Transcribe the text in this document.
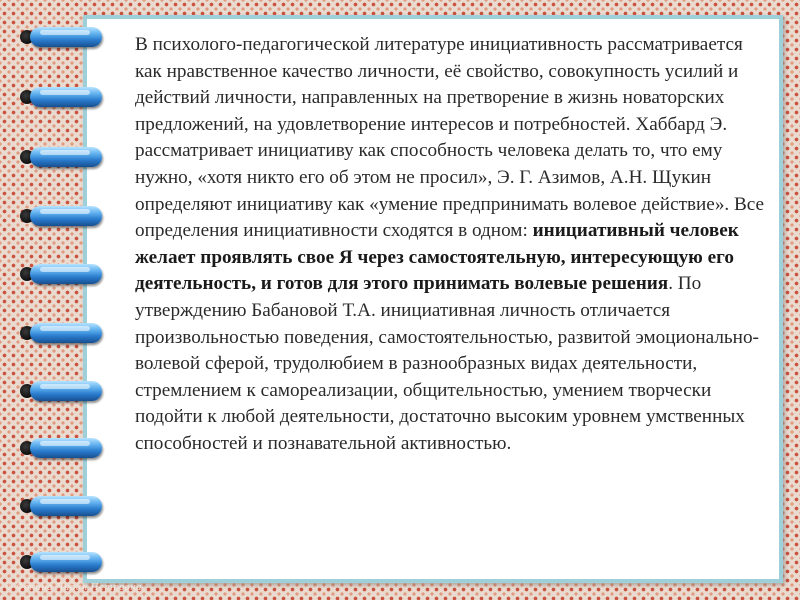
В психолого-педагогической литературе инициативность рассматривается как нравственное качество личности, её свойство, совокупность усилий и действий личности, направленных на претворение в жизнь новаторских предложений, на удовлетворение интересов и потребностей. Хаббард Э. рассматривает инициативу как способность человека делать то, что ему нужно, «хотя никто его об этом не просил», Э. Г. Азимов, А.Н. Щукин определяют инициативу как «умение предпринимать волевое действие». Все определения инициативности сходятся в одном: инициативный человек желает проявлять свое Я через самостоятельную, интересующую его деятельность, и готов для этого принимать волевые решения. По утверждению Бабановой Т.А. инициативная личность отличается произвольностью поведения, самостоятельностью, развитой эмоционально-волевой сферой, трудолюбием в разнообразных видах деятельности, стремлением к самореализации, общительностью, умением творчески подойти к любой деятельности, достаточно высоким уровнем умственных способностей и познавательной активностью.

© Фокина Лидия Петровна
